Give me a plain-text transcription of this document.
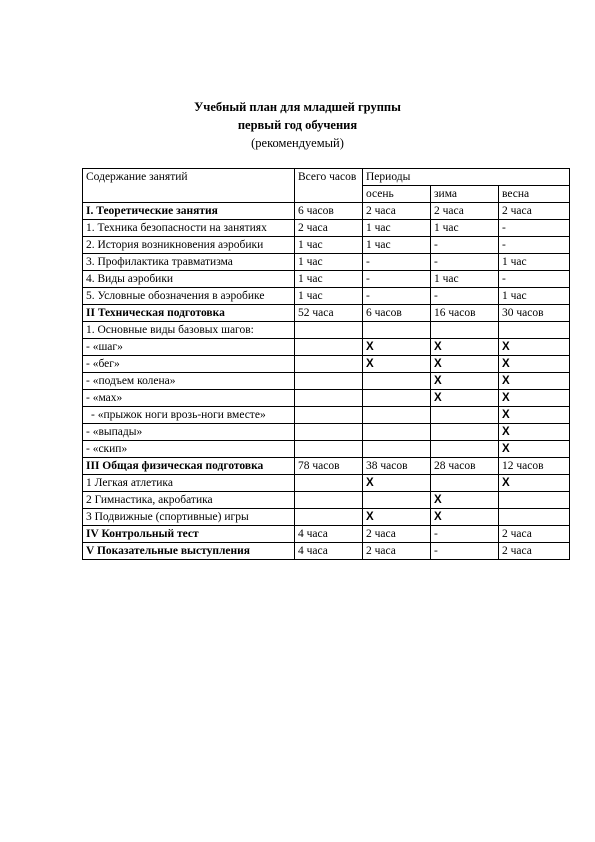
Учебный план для младшей группы
первый год обучения
(рекомендуемый)
Содержание занятий	Всего часов	Периоды		
		осень	зима	весна
I. Теоретические занятия	6 часов	2 часа	2 часа	2 часа
1. Техника безопасности на занятиях	2 часа	1 час	1 час	-
2. История возникновения аэробики	1 час	1 час	-	-
3. Профилактика травматизма	1 час	-	-	1 час
4. Виды аэробики	1 час	-	1 час	-
5. Условные обозначения в аэробике	1 час	-	-	1 час
II Техническая подготовка	52 часа	6 часов	16 часов	30 часов
1. Основные виды базовых шагов:				
- «шаг»		X	X	X
- «бег»		X	X	X
- «подъем колена»			X	X
- «мах»			X	X
- «прыжок ноги врозь-ноги вместе»				X
- «выпады»				X
- «скип»				X
III Общая физическая подготовка	78 часов	38 часов	28 часов	12 часов
1 Легкая атлетика		X		X
2 Гимнастика, акробатика			X	
3 Подвижные (спортивные) игры		X	X	
IV Контрольный тест	4 часа	2 часа	-	2 часа
V Показательные выступления	4 часа	2 часа	-	2 часа
